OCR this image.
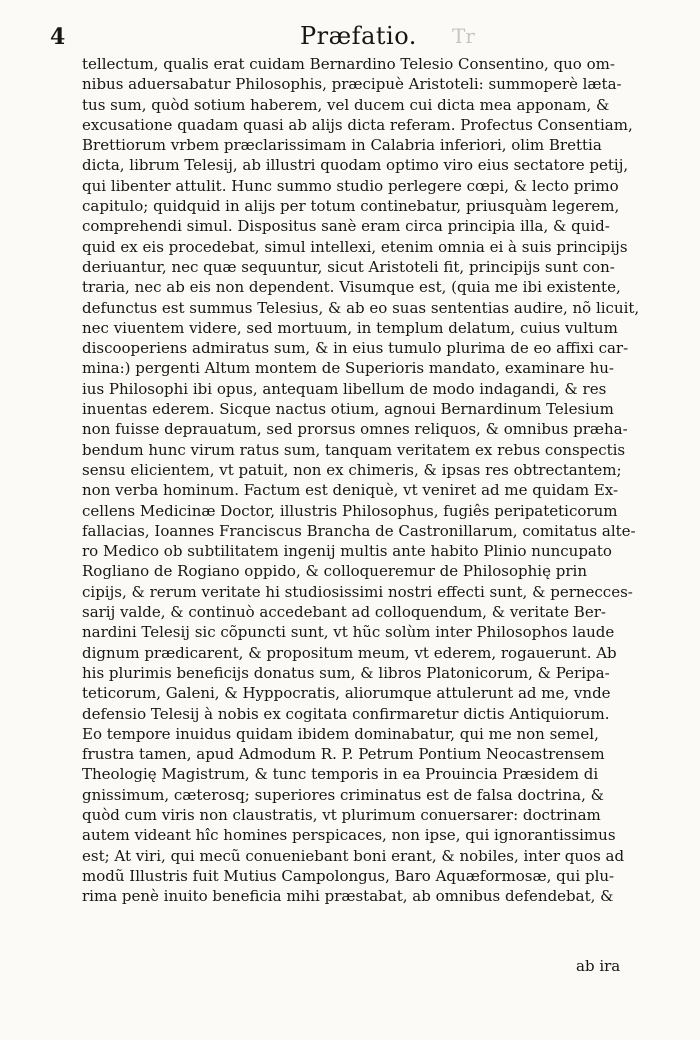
4	Præfatio. Tr
tellectum, qualis erat cuidam Bernardino Telesio Consentino, quo om-
nibus aduersabatur Philosophis, præcipuè Aristoteli: summoperè læta-
tus sum, quòd sotium haberem, vel ducem cui dicta mea apponam, &
excusatione quadam quasi ab alijs dicta referam. Profectus Consentiam,
Brettiorum vrbem præclarissimam in Calabria inferiori, olim Brettia
dicta, librum Telesij, ab illustri quodam optimo viro eius sectatore petij,
qui libenter attulit. Hunc summo studio perlegere cœpi, & lecto primo
capitulo; quidquid in alijs per totum continebatur, priusquàm legerem,
comprehendi simul. Dispositus sanè eram circa principia illa, & quid-
quid ex eis procedebat, simul intellexi, etenim omnia ei à suis principijs
deriuantur, nec quæ sequuntur, sicut Aristoteli fit, principijs sunt con-
traria, nec ab eis non dependent. Visumque est, (quia me ibi existente,
defunctus est summus Telesius, & ab eo suas sententias audire, nõ licuit,
nec viuentem videre, sed mortuum, in templum delatum, cuius vultum
discooperiens admiratus sum, & in eius tumulo plurima de eo affixi car-
mina:) pergenti Altum montem de Superioris mandato, examinare hu-
ius Philosophi ibi opus, antequam libellum de modo indagandi, & res
inuentas ederem. Sicque nactus otium, agnoui Bernardinum Telesium
non fuisse deprauatum, sed prorsus omnes reliquos, & omnibus præha-
bendum hunc virum ratus sum, tanquam veritatem ex rebus conspectis
sensu elicientem, vt patuit, non ex chimeris, & ipsas res obtrectantem;
non verba hominum. Factum est deniquè, vt veniret ad me quidam Ex-
cellens Medicinæ Doctor, illustris Philosophus, fugiês peripateticorum
fallacias, Ioannes Franciscus Brancha de Castronillarum, comitatus alte-
ro Medico ob subtilitatem ingenij multis ante habito Plinio nuncupato
Rogliano de Rogiano oppido, & colloqueremur de Philosophię prin
cipijs, & rerum veritate hi studiosissimi nostri effecti sunt, & pernecces-
sarij valde, & continuò accedebant ad colloquendum, & veritate Ber-
nardini Telesij sic cõpuncti sunt, vt hũc solùm inter Philosophos laude
dignum prædicarent, & propositum meum, vt ederem, rogauerunt. Ab
his plurimis beneficijs donatus sum, & libros Platonicorum, & Peripa-
teticorum, Galeni, & Hyppocratis, aliorumque attulerunt ad me, vnde
defensio Telesij à nobis ex cogitata confirmaretur dictis Antiquiorum.
Eo tempore inuidus quidam ibidem dominabatur, qui me non semel,
frustra tamen, apud Admodum R. P. Petrum Pontium Neocastrensem
Theologię Magistrum, & tunc temporis in ea Prouincia Præsidem di
gnissimum, cæterosq; superiores criminatus est de falsa doctrina, &
quòd cum viris non claustratis, vt plurimum conuersarer: doctrinam
autem videant hîc homines perspicaces, non ipse, qui ignorantissimus
est; At viri, qui mecũ conueniebant boni erant, & nobiles, inter quos ad
modũ Illustris fuit Mutius Campolongus, Baro Aquæformosæ, qui plu-
rima penè inuito beneficia mihi præstabat, ab omnibus defendebat, &
ab ira
